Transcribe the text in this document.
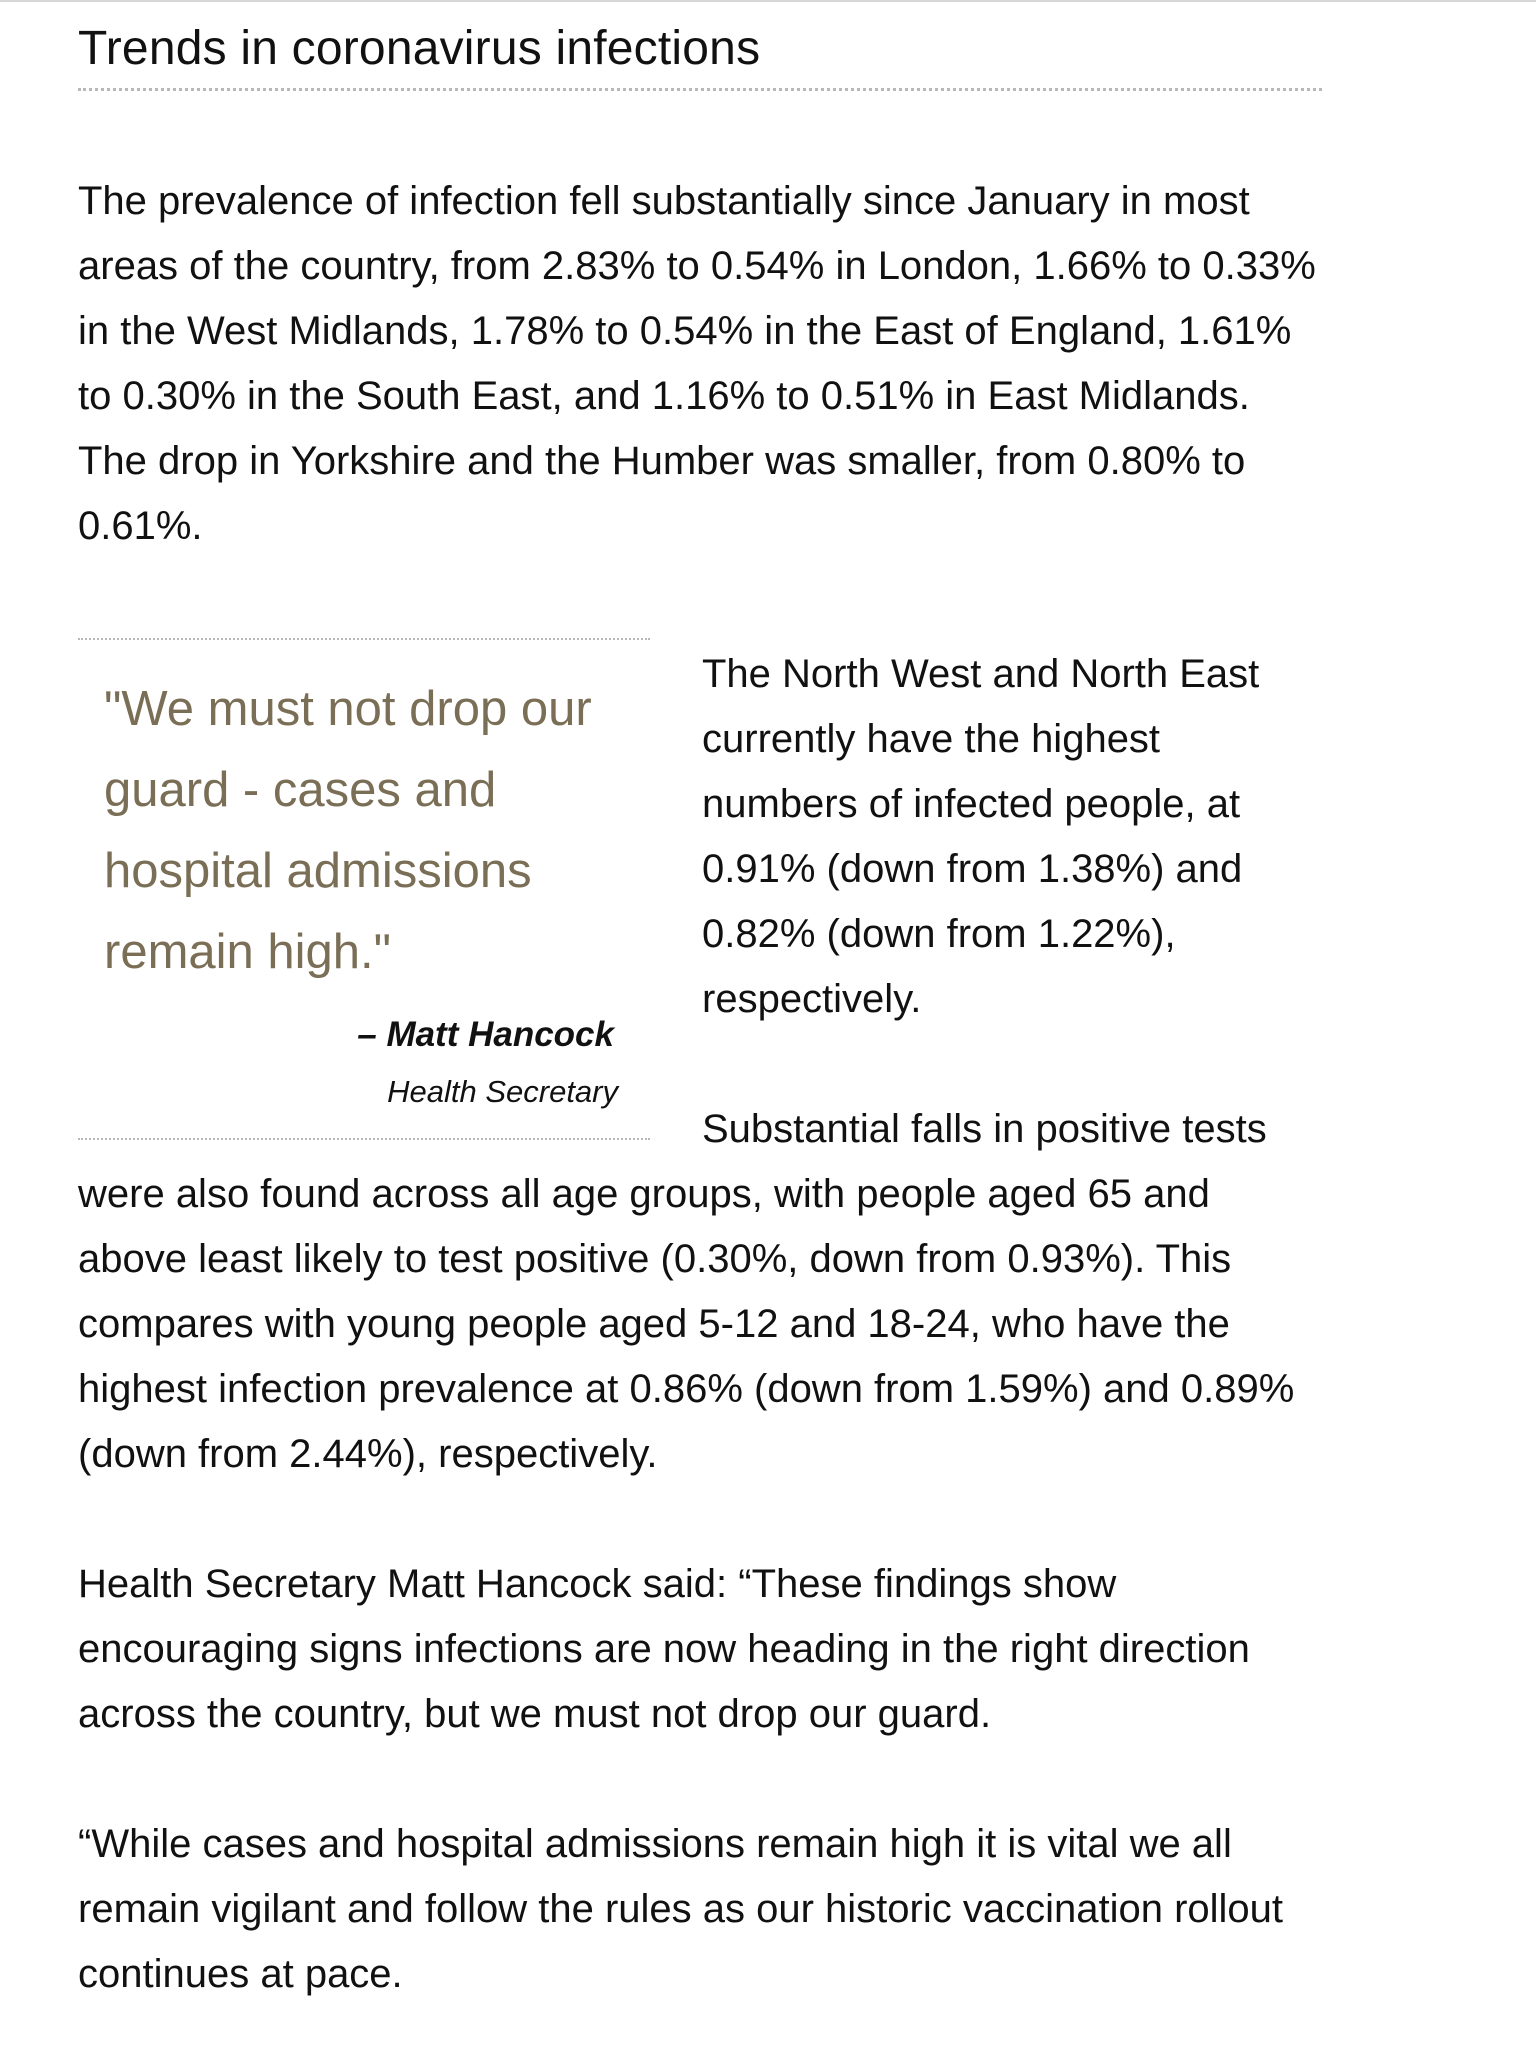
Trends in coronavirus infections

The prevalence of infection fell substantially since January in most areas of the country, from 2.83% to 0.54% in London, 1.66% to 0.33% in the West Midlands, 1.78% to 0.54% in the East of England, 1.61% to 0.30% in the South East, and 1.16% to 0.51% in East Midlands. The drop in Yorkshire and the Humber was smaller, from 0.80% to 0.61%.

"We must not drop our guard - cases and hospital admissions remain high."
– Matt Hancock
Health Secretary

The North West and North East currently have the highest numbers of infected people, at 0.91% (down from 1.38%) and 0.82% (down from 1.22%), respectively.

Substantial falls in positive tests were also found across all age groups, with people aged 65 and above least likely to test positive (0.30%, down from 0.93%). This compares with young people aged 5-12 and 18-24, who have the highest infection prevalence at 0.86% (down from 1.59%) and 0.89% (down from 2.44%), respectively.

Health Secretary Matt Hancock said: “These findings show encouraging signs infections are now heading in the right direction across the country, but we must not drop our guard.

“While cases and hospital admissions remain high it is vital we all remain vigilant and follow the rules as our historic vaccination rollout continues at pace.
